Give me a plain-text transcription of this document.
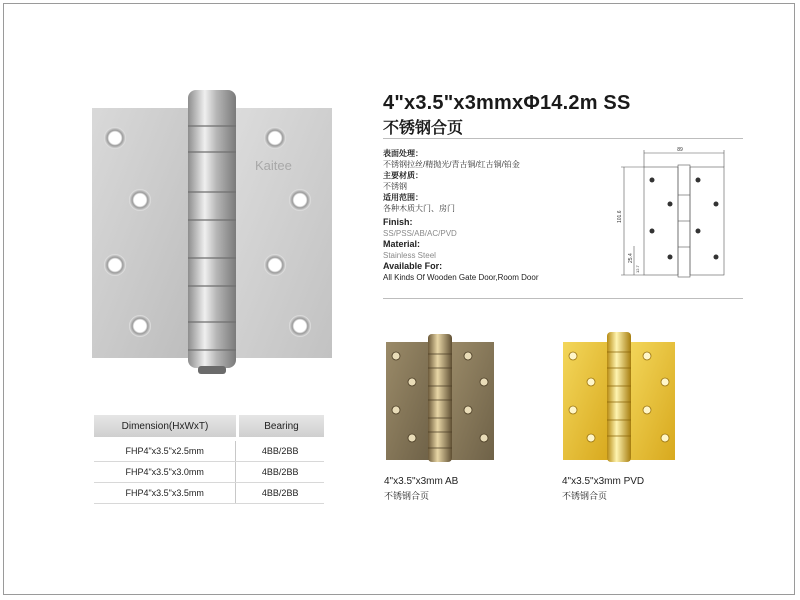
Kaitee
4"x3.5"x3mmxΦ14.2m SS
不锈钢合页
表面处理：
不锈钢拉丝/精抛光/青古铜/红古铜/铂金
主要材质：
不锈钢
适用范围：
各种木质大门、房门
Finish:
SS/PSS/AB/AC/PVD
Material:
Stainless Steel
Available For:
All Kinds Of Wooden Gate Door,Room Door
89
101.6
25.4
12.7
Dimension(HxWxT)	Bearing
FHP4"x3.5"x2.5mm	4BB/2BB
FHP4"x3.5"x3.0mm	4BB/2BB
FHP4"x3.5"x3.5mm	4BB/2BB
4"x3.5"x3mm AB
不锈钢合页
4"x3.5"x3mm PVD
不锈钢合页
